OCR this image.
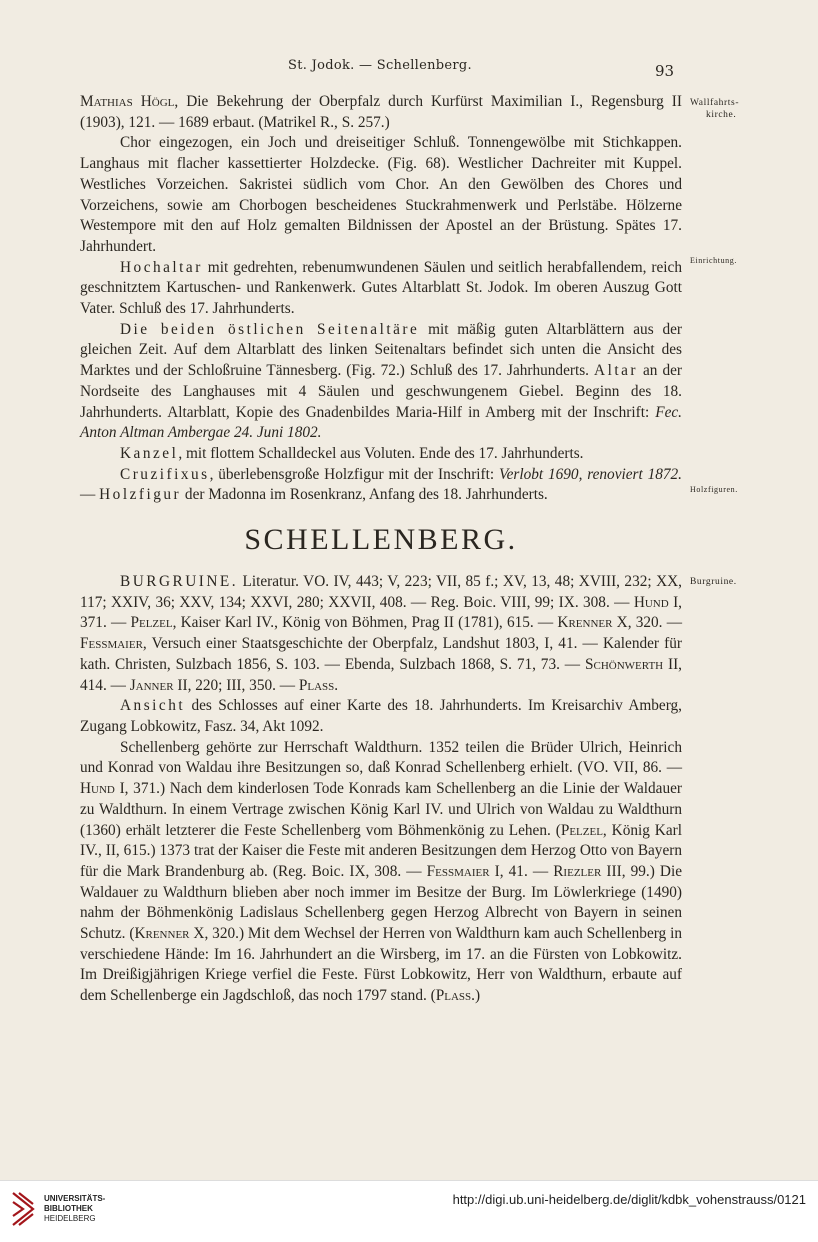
St. Jodok. — Schellenberg.	93
Wallfahrts-
kirche.
Einrichtung.
Holzfiguren.
Burgruine.

Mathias Högl, Die Bekehrung der Oberpfalz durch Kurfürst Maximilian I., Regensburg II (1903), 121. — 1689 erbaut. (Matrikel R., S. 257.)

Chor eingezogen, ein Joch und dreiseitiger Schluß. Tonnengewölbe mit Stichkappen. Langhaus mit flacher kassettierter Holzdecke. (Fig. 68). Westlicher Dachreiter mit Kuppel. Westliches Vorzeichen. Sakristei südlich vom Chor. An den Gewölben des Chores und Vorzeichens, sowie am Chorbogen bescheidenes Stuckrahmenwerk und Perlstäbe. Hölzerne Westempore mit den auf Holz gemalten Bildnissen der Apostel an der Brüstung. Spätes 17. Jahrhundert.

Hochaltar mit gedrehten, rebenumwundenen Säulen und seitlich herabfallendem, reich geschnitztem Kartuschen- und Rankenwerk. Gutes Altarblatt St. Jodok. Im oberen Auszug Gott Vater. Schluß des 17. Jahrhunderts.

Die beiden östlichen Seitenaltäre mit mäßig guten Altarblättern aus der gleichen Zeit. Auf dem Altarblatt des linken Seitenaltars befindet sich unten die Ansicht des Marktes und der Schloßruine Tännesberg. (Fig. 72.) Schluß des 17. Jahrhunderts. Altar an der Nordseite des Langhauses mit 4 Säulen und geschwungenem Giebel. Beginn des 18. Jahrhunderts. Altarblatt, Kopie des Gnadenbildes Maria-Hilf in Amberg mit der Inschrift: Fec. Anton Altman Ambergae 24. Juni 1802.

Kanzel, mit flottem Schalldeckel aus Voluten. Ende des 17. Jahrhunderts.

Cruzifixus, überlebensgroße Holzfigur mit der Inschrift: Verlobt 1690, renoviert 1872. — Holzfigur der Madonna im Rosenkranz, Anfang des 18. Jahrhunderts.

SCHELLENBERG.

BURGRUINE. Literatur. VO. IV, 443; V, 223; VII, 85 f.; XV, 13, 48; XVIII, 232; XX, 117; XXIV, 36; XXV, 134; XXVI, 280; XXVII, 408. — Reg. Boic. VIII, 99; IX. 308. — Hund I, 371. — Pelzel, Kaiser Karl IV., König von Böhmen, Prag II (1781), 615. — Krenner X, 320. — Fessmaier, Versuch einer Staatsgeschichte der Oberpfalz, Landshut 1803, I, 41. — Kalender für kath. Christen, Sulzbach 1856, S. 103. — Ebenda, Sulzbach 1868, S. 71, 73. — Schönwerth II, 414. — Janner II, 220; III, 350. — Plass.

Ansicht des Schlosses auf einer Karte des 18. Jahrhunderts. Im Kreisarchiv Amberg, Zugang Lobkowitz, Fasz. 34, Akt 1092.

Schellenberg gehörte zur Herrschaft Waldthurn. 1352 teilen die Brüder Ulrich, Heinrich und Konrad von Waldau ihre Besitzungen so, daß Konrad Schellenberg erhielt. (VO. VII, 86. — Hund I, 371.) Nach dem kinderlosen Tode Konrads kam Schellenberg an die Linie der Waldauer zu Waldthurn. In einem Vertrage zwischen König Karl IV. und Ulrich von Waldau zu Waldthurn (1360) erhält letzterer die Feste Schellenberg vom Böhmenkönig zu Lehen. (Pelzel, König Karl IV., II, 615.) 1373 trat der Kaiser die Feste mit anderen Besitzungen dem Herzog Otto von Bayern für die Mark Brandenburg ab. (Reg. Boic. IX, 308. — Fessmaier I, 41. — Riezler III, 99.) Die Waldauer zu Waldthurn blieben aber noch immer im Besitze der Burg. Im Löwlerkriege (1490) nahm der Böhmenkönig Ladislaus Schellenberg gegen Herzog Albrecht von Bayern in seinen Schutz. (Krenner X, 320.) Mit dem Wechsel der Herren von Waldthurn kam auch Schellenberg in verschiedene Hände: Im 16. Jahrhundert an die Wirsberg, im 17. an die Fürsten von Lobkowitz. Im Dreißigjährigen Kriege verfiel die Feste. Fürst Lobkowitz, Herr von Waldthurn, erbaute auf dem Schellenberge ein Jagdschloß, das noch 1797 stand. (Plass.)

UNIVERSITÄTS-
BIBLIOTHEK
HEIDELBERG
http://digi.ub.uni-heidelberg.de/diglit/kdbk_vohenstrauss/0121
